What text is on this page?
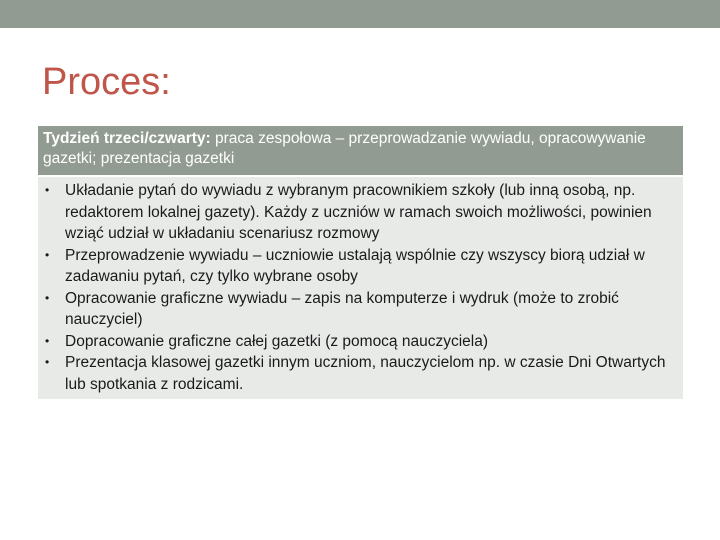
Proces:
Tydzień trzeci/czwarty: praca zespołowa – przeprowadzanie wywiadu, opracowywanie gazetki; prezentacja gazetki
• Układanie pytań do wywiadu z wybranym pracownikiem szkoły (lub inną osobą, np. redaktorem lokalnej gazety). Każdy z uczniów w ramach swoich możliwości, powinien wziąć udział w układaniu scenariusz rozmowy
• Przeprowadzenie wywiadu – uczniowie ustalają wspólnie czy wszyscy biorą udział w zadawaniu pytań, czy tylko wybrane osoby
• Opracowanie graficzne wywiadu – zapis na komputerze i wydruk (może to zrobić nauczyciel)
• Dopracowanie graficzne całej gazetki (z pomocą nauczyciela)
• Prezentacja klasowej gazetki innym uczniom, nauczycielom np. w czasie Dni Otwartych lub spotkania z rodzicami.
